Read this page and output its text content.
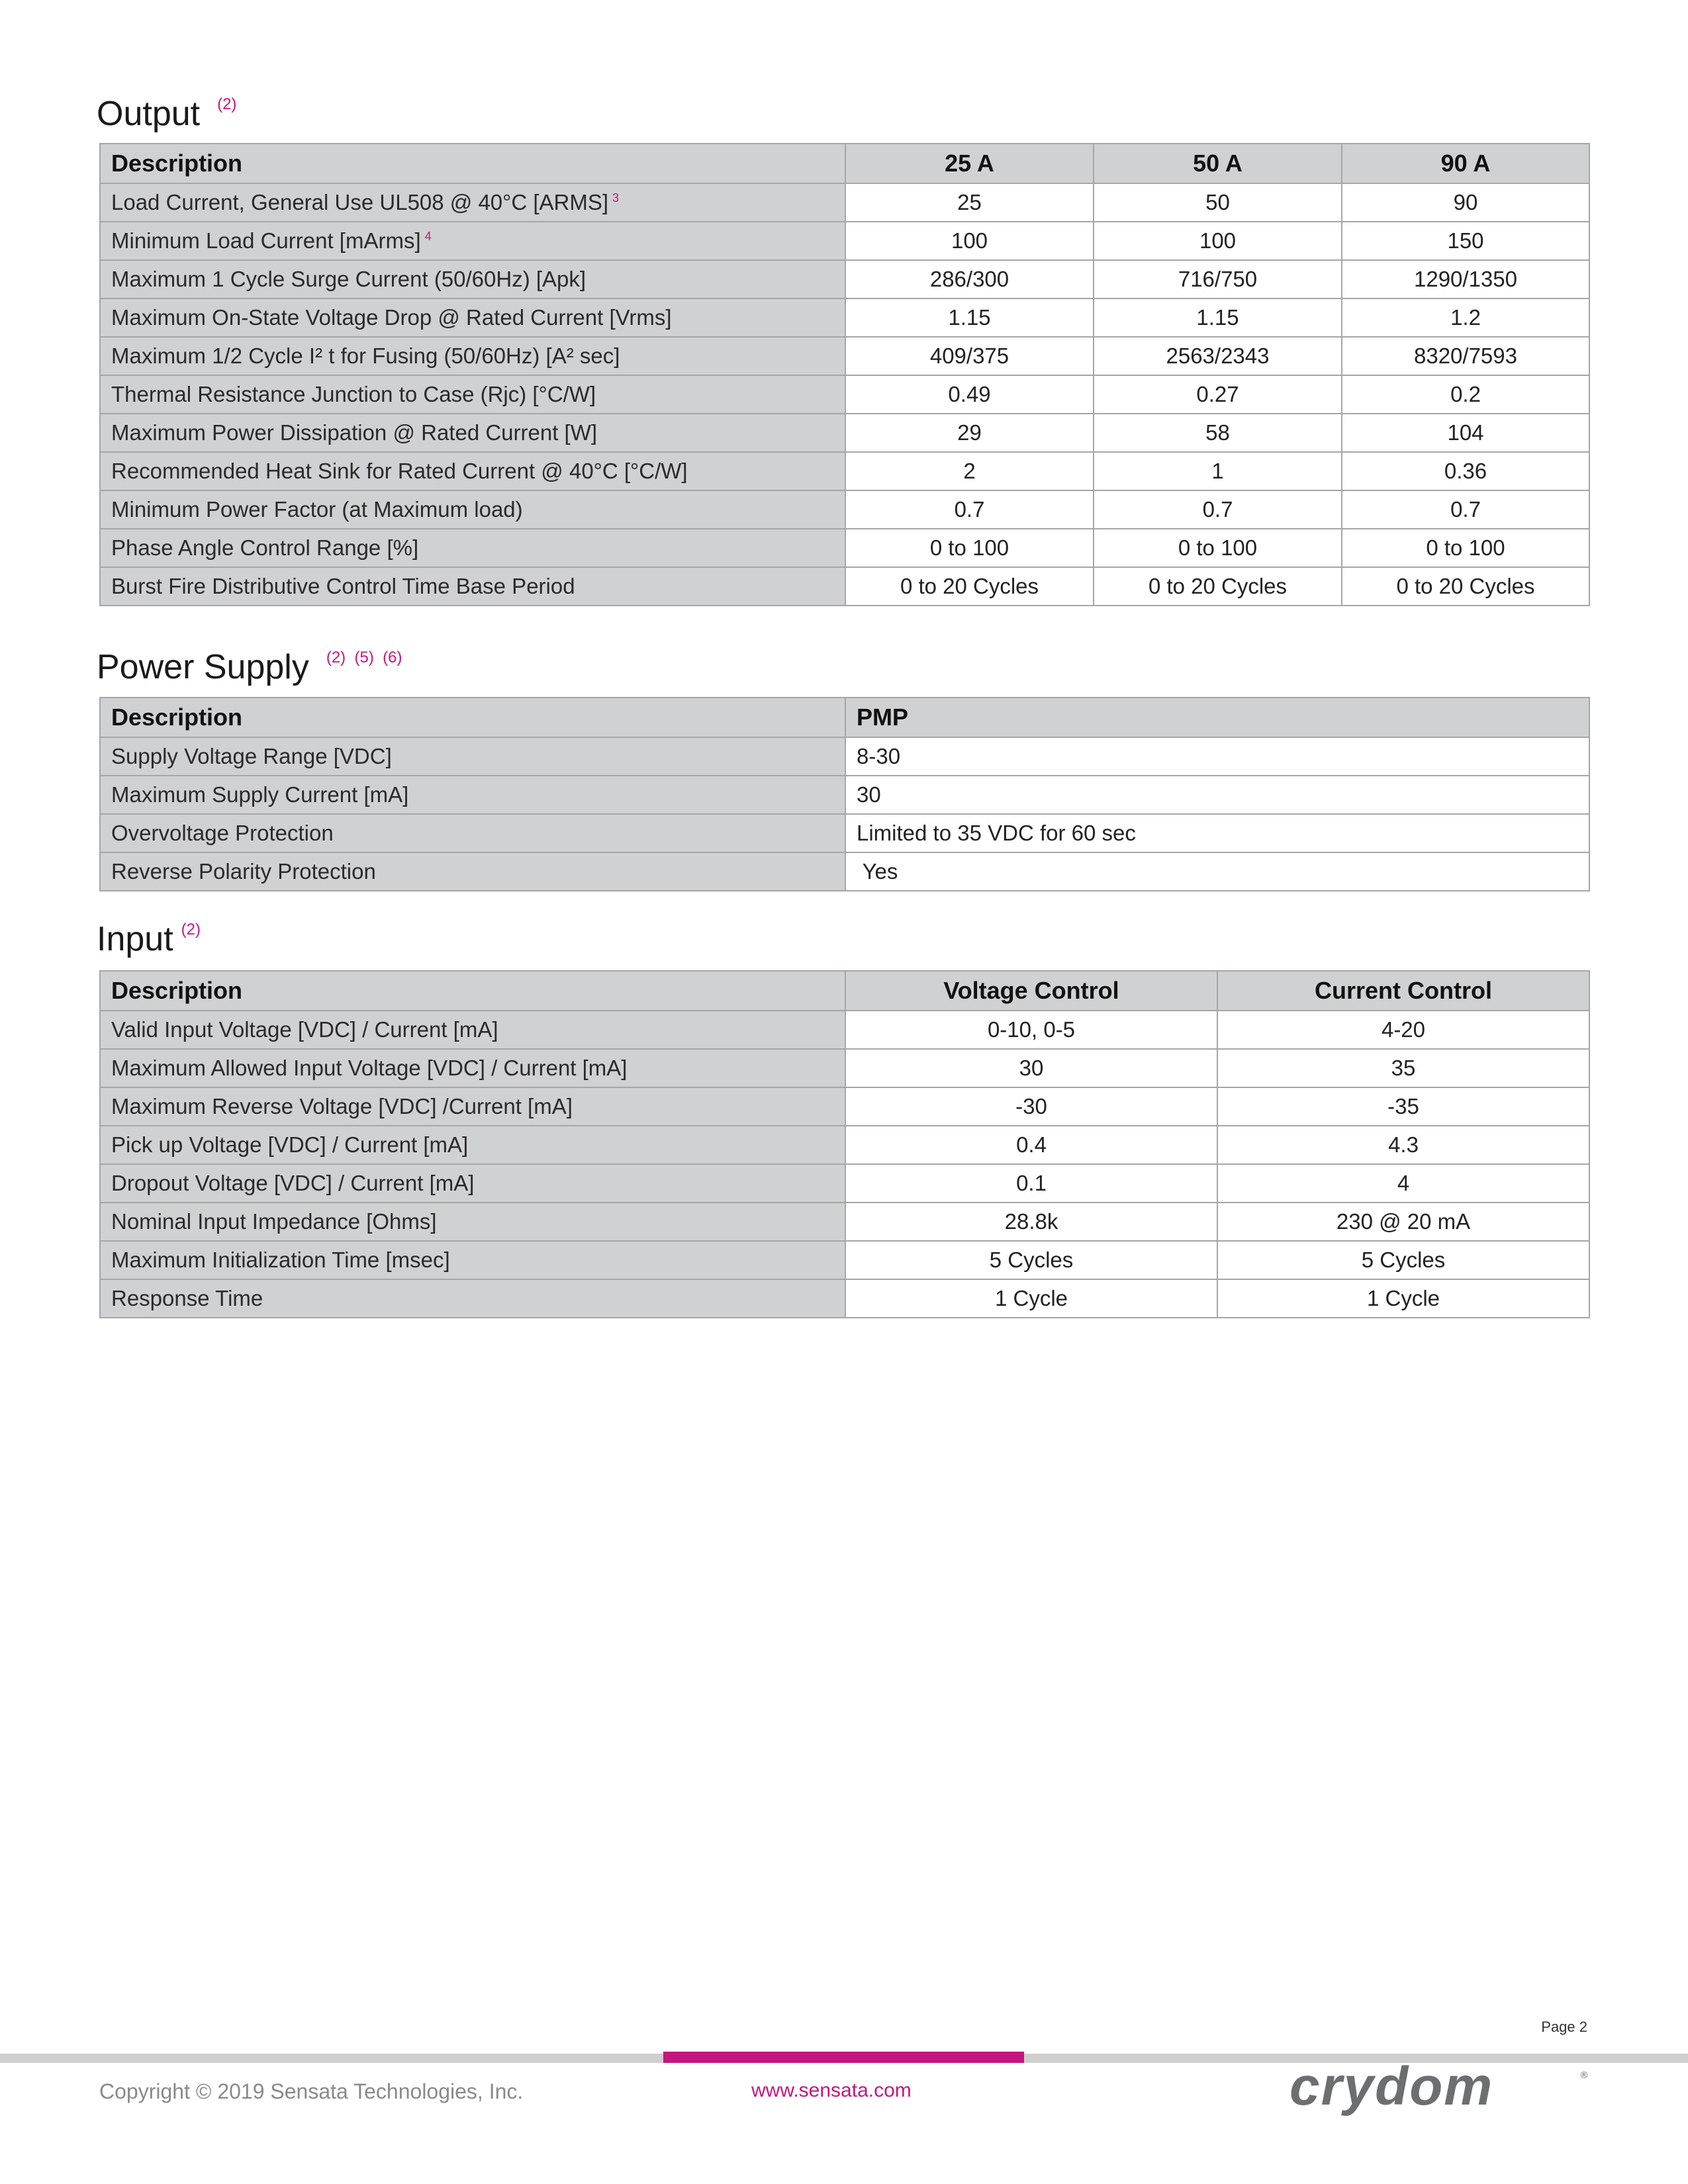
Output (2)
Description	25 A	50 A	90 A
Load Current, General Use UL508 @ 40°C [ARMS] $^3$	25	50	90
Minimum Load Current [mArms] $^4$	100	100	150
Maximum 1 Cycle Surge Current (50/60Hz) [Apk]	286/300	716/750	1290/1350
Maximum On-State Voltage Drop @ Rated Current [Vrms]	1.15	1.15	1.2
Maximum 1/2 Cycle I² t for Fusing (50/60Hz) [A² sec]	409/375	2563/2343	8320/7593
Thermal Resistance Junction to Case (Rjc) [°C/W]	0.49	0.27	0.2
Maximum Power Dissipation @ Rated Current [W]	29	58	104
Recommended Heat Sink for Rated Current @ 40°C [°C/W]	2	1	0.36
Minimum Power Factor (at Maximum load)	0.7	0.7	0.7
Phase Angle Control Range [%]	0 to 100	0 to 100	0 to 100
Burst Fire Distributive Control Time Base Period	0 to 20 Cycles	0 to 20 Cycles	0 to 20 Cycles
Power Supply (2)  (5)  (6)
Description	PMP
Supply Voltage Range [VDC]	8-30
Maximum Supply Current [mA]	30
Overvoltage Protection	Limited to 35 VDC for 60 sec
Reverse Polarity Protection	Yes
Input (2)
Description	Voltage Control	Current Control
Valid Input Voltage [VDC] / Current [mA]	0-10, 0-5	4-20
Maximum Allowed Input Voltage [VDC] / Current [mA]	30	35
Maximum Reverse Voltage [VDC] /Current [mA]	-30	-35
Pick up Voltage [VDC] / Current [mA]	0.4	4.3
Dropout Voltage [VDC] / Current [mA]	0.1	4
Nominal Input Impedance [Ohms]	28.8k	230 @ 20 mA
Maximum Initialization Time [msec]	5 Cycles	5 Cycles
Response Time	1 Cycle	1 Cycle
Page 2
Copyright © 2019 Sensata Technologies, Inc.	www.sensata.com	crydom	®
